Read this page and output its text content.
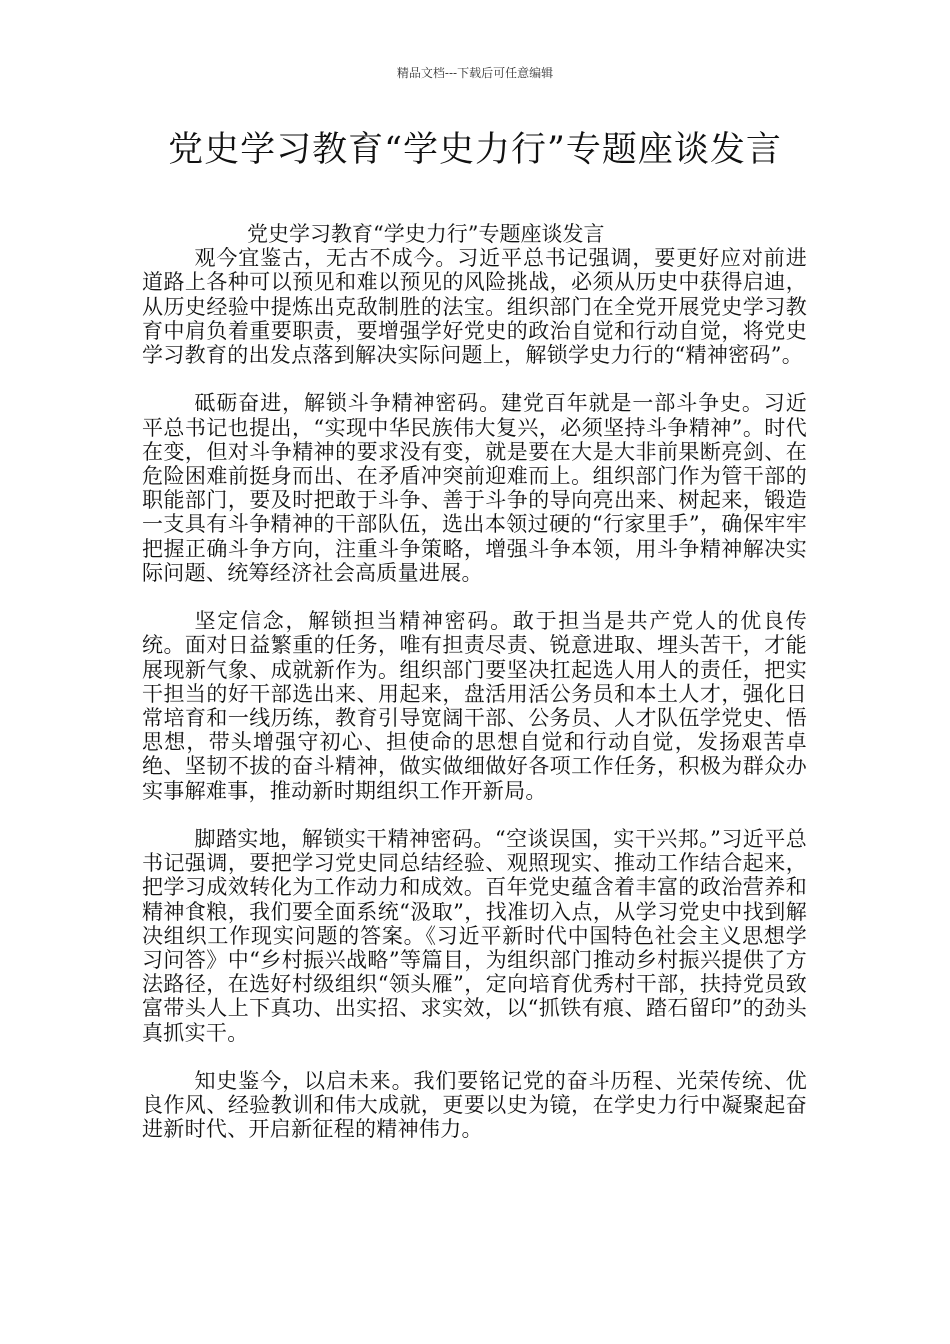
精品文档---下载后可任意编辑
党史学习教育“学史力行”专题座谈发言
党史学习教育“学史力行”专题座谈发言

观今宜鉴古，无古不成今。习近平总书记强调，要更好应对前进道路上各种可以预见和难以预见的风险挑战，必须从历史中获得启迪，从历史经验中提炼出克敌制胜的法宝。组织部门在全党开展党史学习教育中肩负着重要职责，要增强学好党史的政治自觉和行动自觉，将党史学习教育的出发点落到解决实际问题上，解锁学史力行的“精神密码”。

砥砺奋进，解锁斗争精神密码。建党百年就是一部斗争史。习近平总书记也提出，“实现中华民族伟大复兴，必须坚持斗争精神”。时代在变，但对斗争精神的要求没有变，就是要在大是大非前果断亮剑、在危险困难前挺身而出、在矛盾冲突前迎难而上。组织部门作为管干部的职能部门，要及时把敢于斗争、善于斗争的导向亮出来、树起来，锻造一支具有斗争精神的干部队伍，选出本领过硬的“行家里手”，确保牢牢把握正确斗争方向，注重斗争策略，增强斗争本领，用斗争精神解决实际问题、统筹经济社会高质量进展。

坚定信念，解锁担当精神密码。敢于担当是共产党人的优良传统。面对日益繁重的任务，唯有担责尽责、锐意进取、埋头苦干，才能展现新气象、成就新作为。组织部门要坚决扛起选人用人的责任，把实干担当的好干部选出来、用起来，盘活用活公务员和本土人才，强化日常培育和一线历练，教育引导宽阔干部、公务员、人才队伍学党史、悟思想，带头增强守初心、担使命的思想自觉和行动自觉，发扬艰苦卓绝、坚韧不拔的奋斗精神，做实做细做好各项工作任务，积极为群众办实事解难事，推动新时期组织工作开新局。

脚踏实地，解锁实干精神密码。“空谈误国，实干兴邦。”习近平总书记强调，要把学习党史同总结经验、观照现实、推动工作结合起来，把学习成效转化为工作动力和成效。百年党史蕴含着丰富的政治营养和精神食粮，我们要全面系统“汲取”，找准切入点，从学习党史中找到解决组织工作现实问题的答案。《习近平新时代中国特色社会主义思想学习问答》中“乡村振兴战略”等篇目，为组织部门推动乡村振兴提供了方法路径，在选好村级组织“领头雁”，定向培育优秀村干部，扶持党员致富带头人上下真功、出实招、求实效，以“抓铁有痕、踏石留印”的劲头真抓实干。

知史鉴今，以启未来。我们要铭记党的奋斗历程、光荣传统、优良作风、经验教训和伟大成就，更要以史为镜，在学史力行中凝聚起奋进新时代、开启新征程的精神伟力。
